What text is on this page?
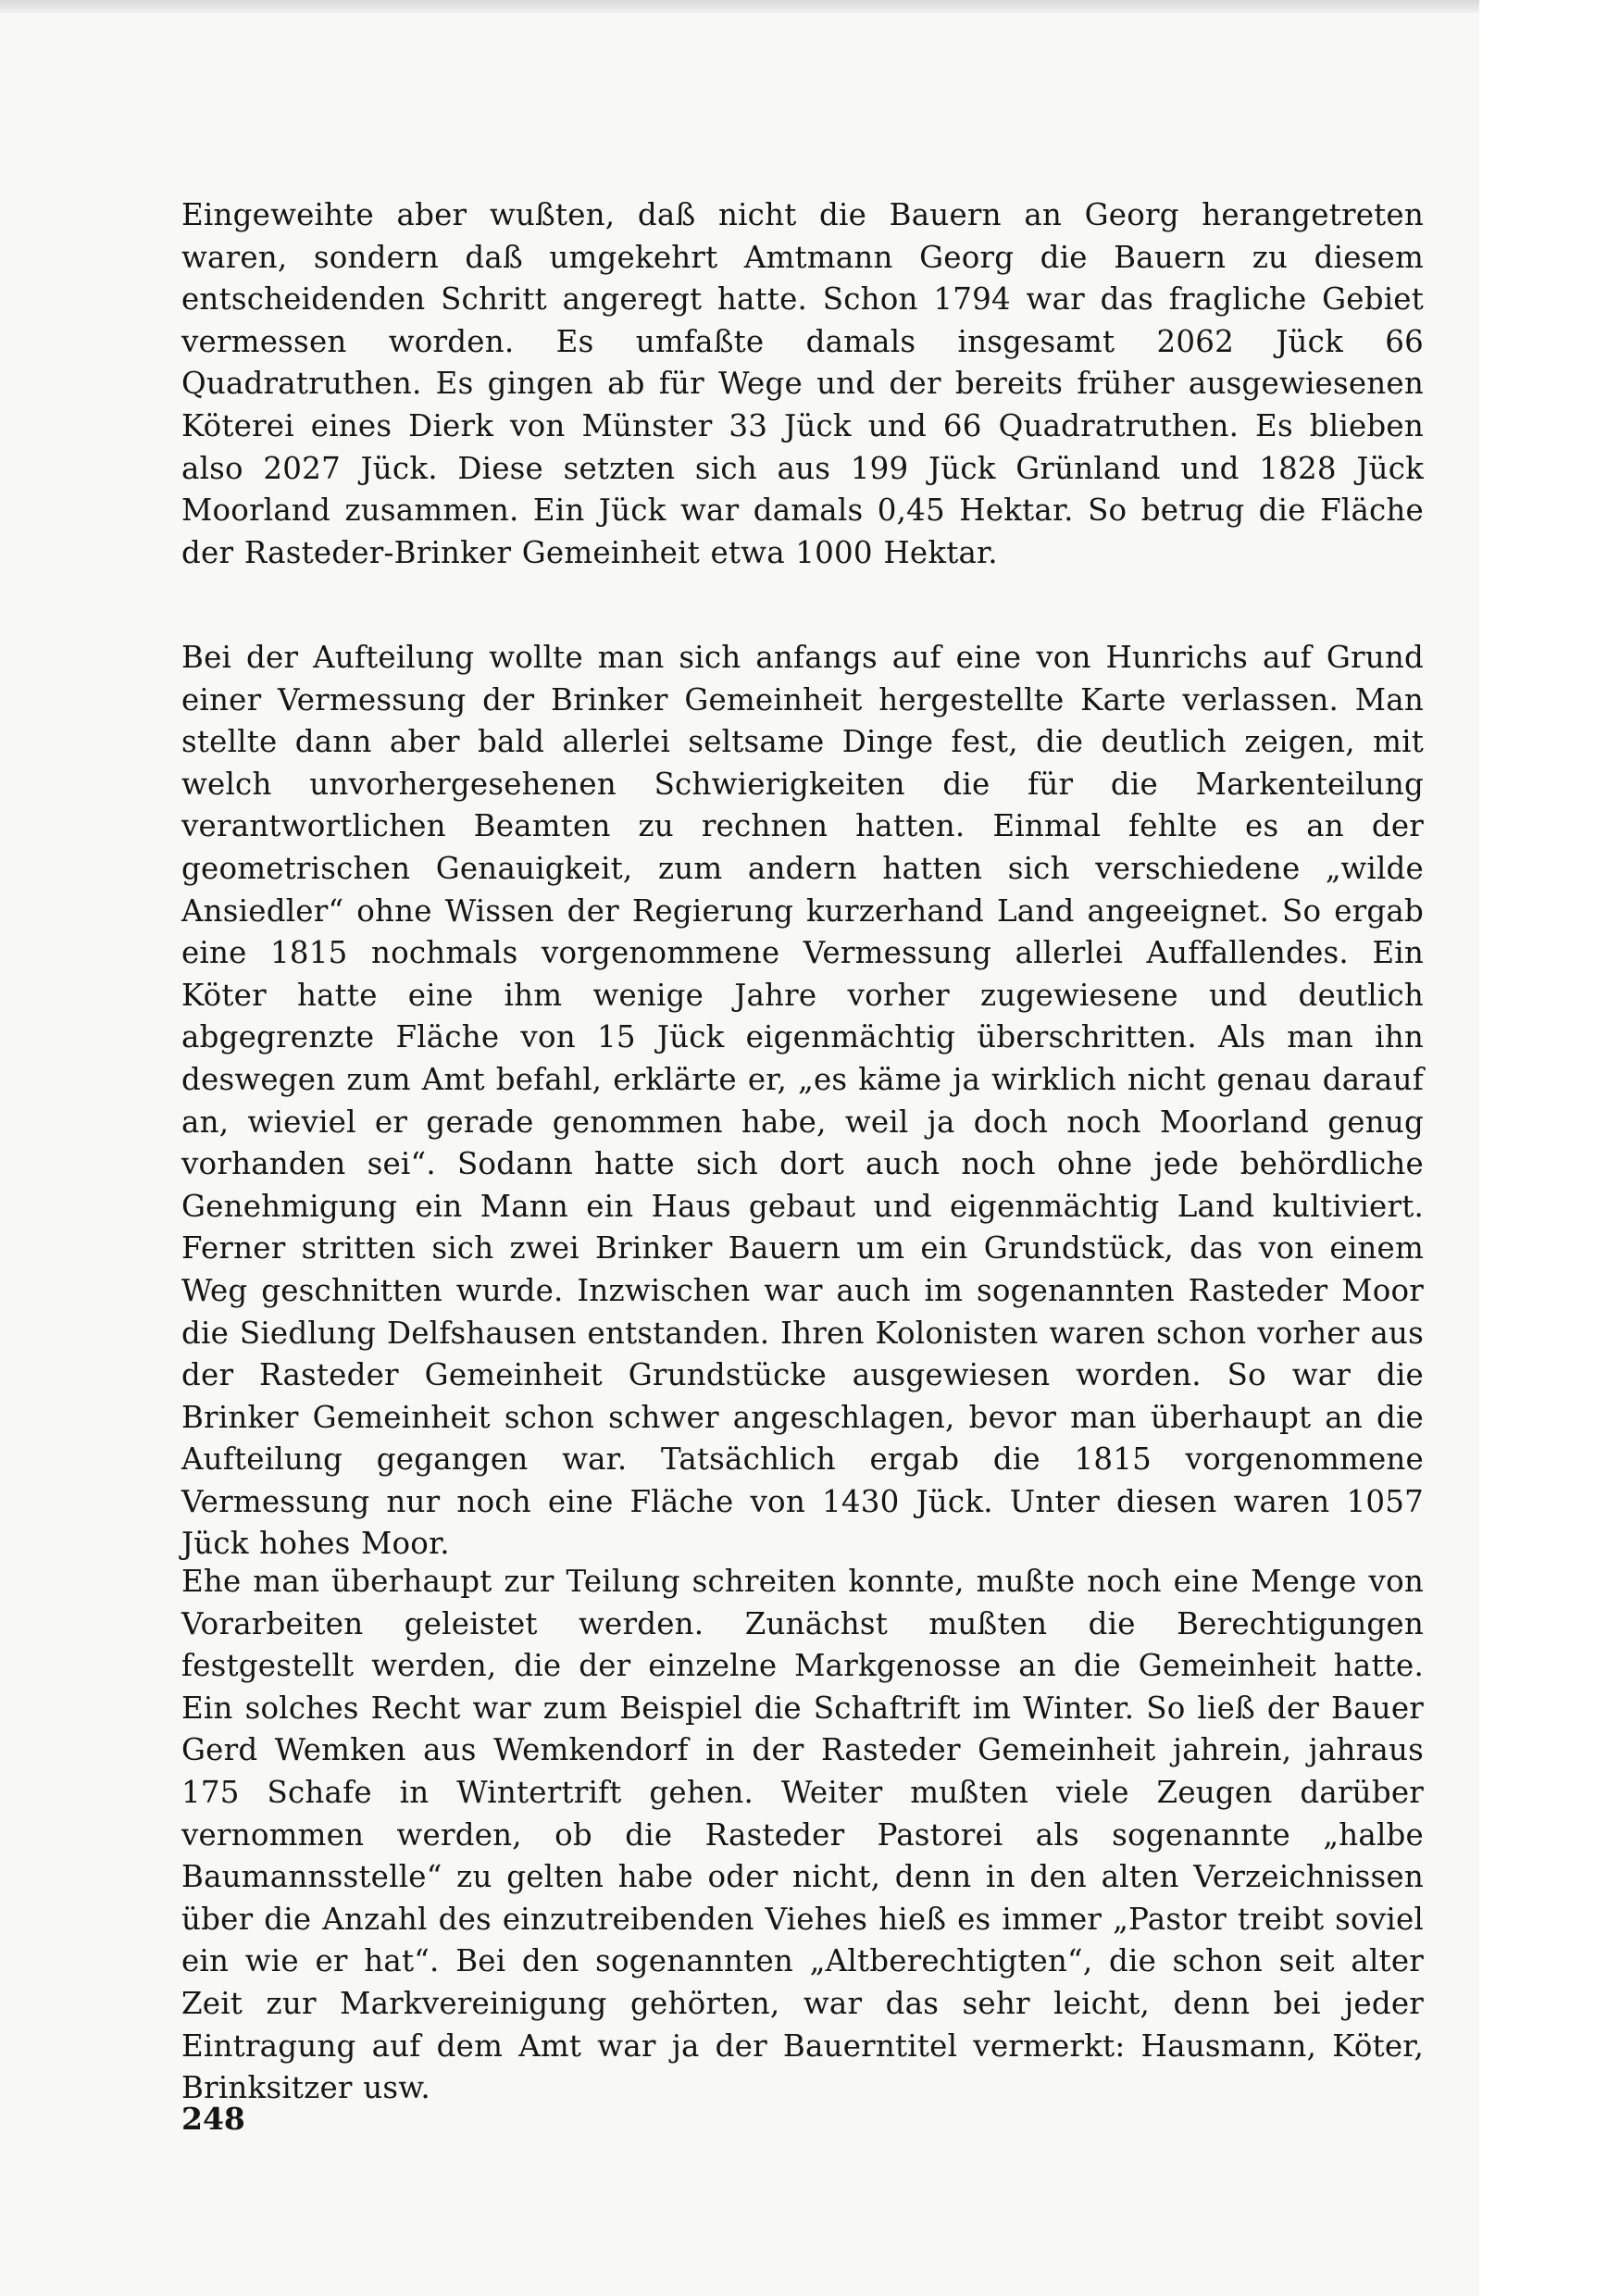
Eingeweihte aber wußten, daß nicht die Bauern an Georg herangetreten waren, sondern daß umgekehrt Amtmann Georg die Bauern zu diesem entscheidenden Schritt angeregt hatte. Schon 1794 war das fragliche Gebiet vermessen worden. Es umfaßte damals insgesamt 2062 Jück 66 Quadratruthen. Es gingen ab für Wege und der bereits früher ausgewiesenen Köterei eines Dierk von Münster 33 Jück und 66 Quadratruthen. Es blieben also 2027 Jück. Diese setzten sich aus 199 Jück Grünland und 1828 Jück Moorland zusammen. Ein Jück war damals 0,45 Hektar. So betrug die Fläche der Rasteder-Brinker Gemeinheit etwa 1000 Hektar.

Bei der Aufteilung wollte man sich anfangs auf eine von Hunrichs auf Grund einer Vermessung der Brinker Gemeinheit hergestellte Karte verlassen. Man stellte dann aber bald allerlei seltsame Dinge fest, die deutlich zeigen, mit welch unvorhergesehenen Schwierigkeiten die für die Markenteilung verantwortlichen Beamten zu rechnen hatten. Einmal fehlte es an der geometrischen Genauigkeit, zum andern hatten sich verschiedene „wilde Ansiedler“ ohne Wissen der Regierung kurzerhand Land angeeignet. So ergab eine 1815 nochmals vorgenommene Vermessung allerlei Auffallendes. Ein Köter hatte eine ihm wenige Jahre vorher zugewiesene und deutlich abgegrenzte Fläche von 15 Jück eigenmächtig überschritten. Als man ihn deswegen zum Amt befahl, erklärte er, „es käme ja wirklich nicht genau darauf an, wieviel er gerade genommen habe, weil ja doch noch Moorland genug vorhanden sei“. Sodann hatte sich dort auch noch ohne jede behördliche Genehmigung ein Mann ein Haus gebaut und eigenmächtig Land kultiviert. Ferner stritten sich zwei Brinker Bauern um ein Grundstück, das von einem Weg geschnitten wurde. Inzwischen war auch im sogenannten Rasteder Moor die Siedlung Delfshausen entstanden. Ihren Kolonisten waren schon vorher aus der Rasteder Gemeinheit Grundstücke ausgewiesen worden. So war die Brinker Gemeinheit schon schwer angeschlagen, bevor man überhaupt an die Aufteilung gegangen war. Tatsächlich ergab die 1815 vorgenommene Vermessung nur noch eine Fläche von 1430 Jück. Unter diesen waren 1057 Jück hohes Moor.

Ehe man überhaupt zur Teilung schreiten konnte, mußte noch eine Menge von Vorarbeiten geleistet werden. Zunächst mußten die Berechtigungen festgestellt werden, die der einzelne Markgenosse an die Gemeinheit hatte. Ein solches Recht war zum Beispiel die Schaftrift im Winter. So ließ der Bauer Gerd Wemken aus Wemkendorf in der Rasteder Gemeinheit jahrein, jahraus 175 Schafe in Wintertrift gehen. Weiter mußten viele Zeugen darüber vernommen werden, ob die Rasteder Pastorei als sogenannte „halbe Baumannsstelle“ zu gelten habe oder nicht, denn in den alten Verzeichnissen über die Anzahl des einzutreibenden Viehes hieß es immer „Pastor treibt soviel ein wie er hat“. Bei den sogenannten „Altberechtigten“, die schon seit alter Zeit zur Markvereinigung gehörten, war das sehr leicht, denn bei jeder Eintragung auf dem Amt war ja der Bauerntitel vermerkt: Hausmann, Köter, Brinksitzer usw.

248
